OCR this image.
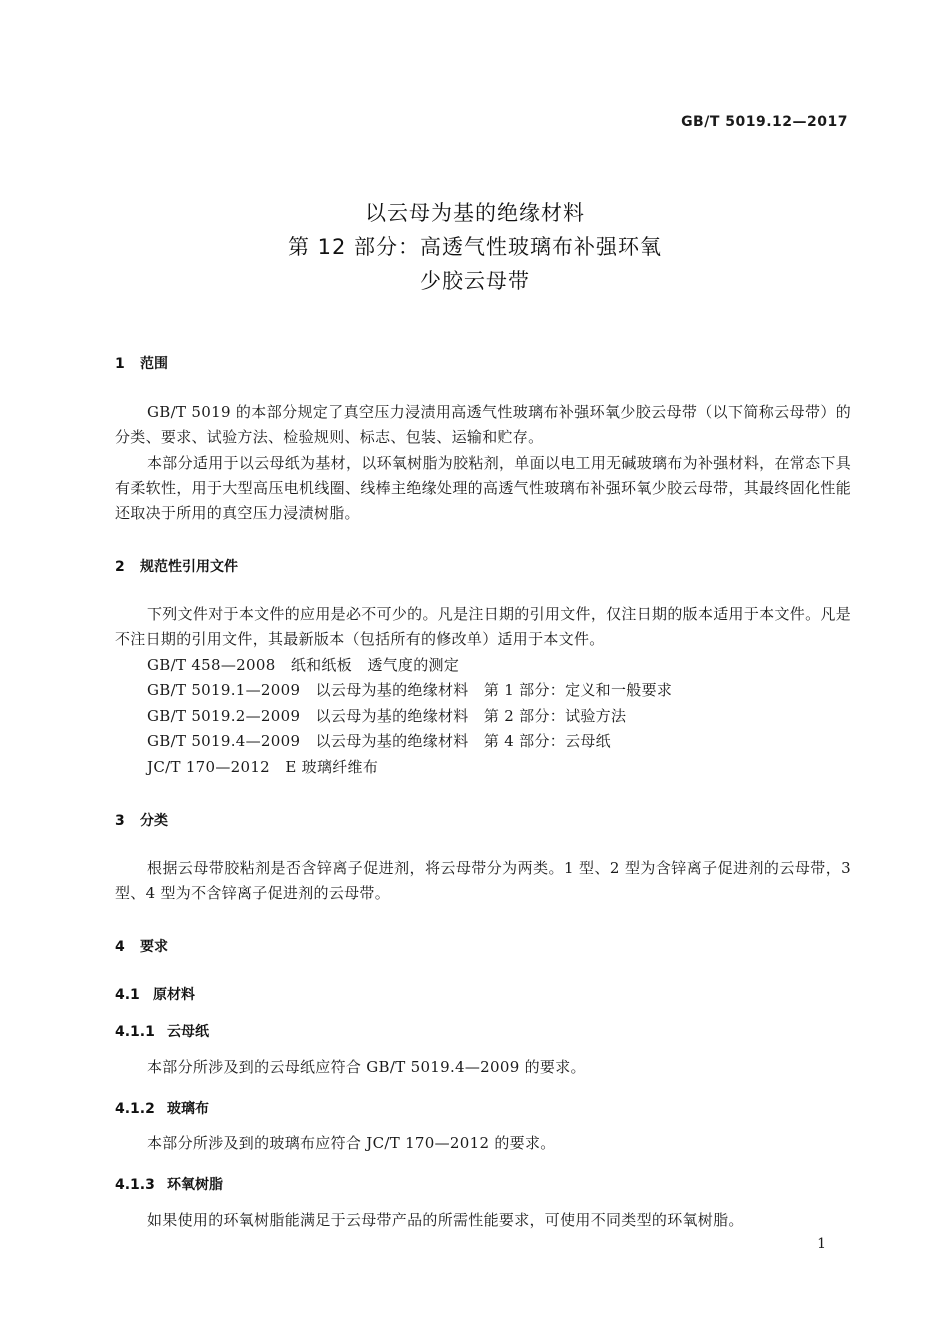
GB/T 5019.12—2017
以云母为基的绝缘材料
第 12 部分：高透气性玻璃布补强环氧
少胶云母带
1 范围
GB/T 5019 的本部分规定了真空压力浸渍用高透气性玻璃布补强环氧少胶云母带（以下简称云母带）的分类、要求、试验方法、检验规则、标志、包装、运输和贮存。
本部分适用于以云母纸为基材，以环氧树脂为胶粘剂，单面以电工用无碱玻璃布为补强材料，在常态下具有柔软性，用于大型高压电机线圈、线棒主绝缘处理的高透气性玻璃布补强环氧少胶云母带，其最终固化性能还取决于所用的真空压力浸渍树脂。
2 规范性引用文件
下列文件对于本文件的应用是必不可少的。凡是注日期的引用文件，仅注日期的版本适用于本文件。凡是不注日期的引用文件，其最新版本（包括所有的修改单）适用于本文件。
GB/T 458—2008　纸和纸板　透气度的测定
GB/T 5019.1—2009　以云母为基的绝缘材料　第 1 部分：定义和一般要求
GB/T 5019.2—2009　以云母为基的绝缘材料　第 2 部分：试验方法
GB/T 5019.4—2009　以云母为基的绝缘材料　第 4 部分：云母纸
JC/T 170—2012　E 玻璃纤维布
3 分类
根据云母带胶粘剂是否含锌离子促进剂，将云母带分为两类。1 型、2 型为含锌离子促进剂的云母带，3 型、4 型为不含锌离子促进剂的云母带。
4 要求
4.1 原材料
4.1.1 云母纸
本部分所涉及到的云母纸应符合 GB/T 5019.4—2009 的要求。
4.1.2 玻璃布
本部分所涉及到的玻璃布应符合 JC/T 170—2012 的要求。
4.1.3 环氧树脂
如果使用的环氧树脂能满足于云母带产品的所需性能要求，可使用不同类型的环氧树脂。
1
